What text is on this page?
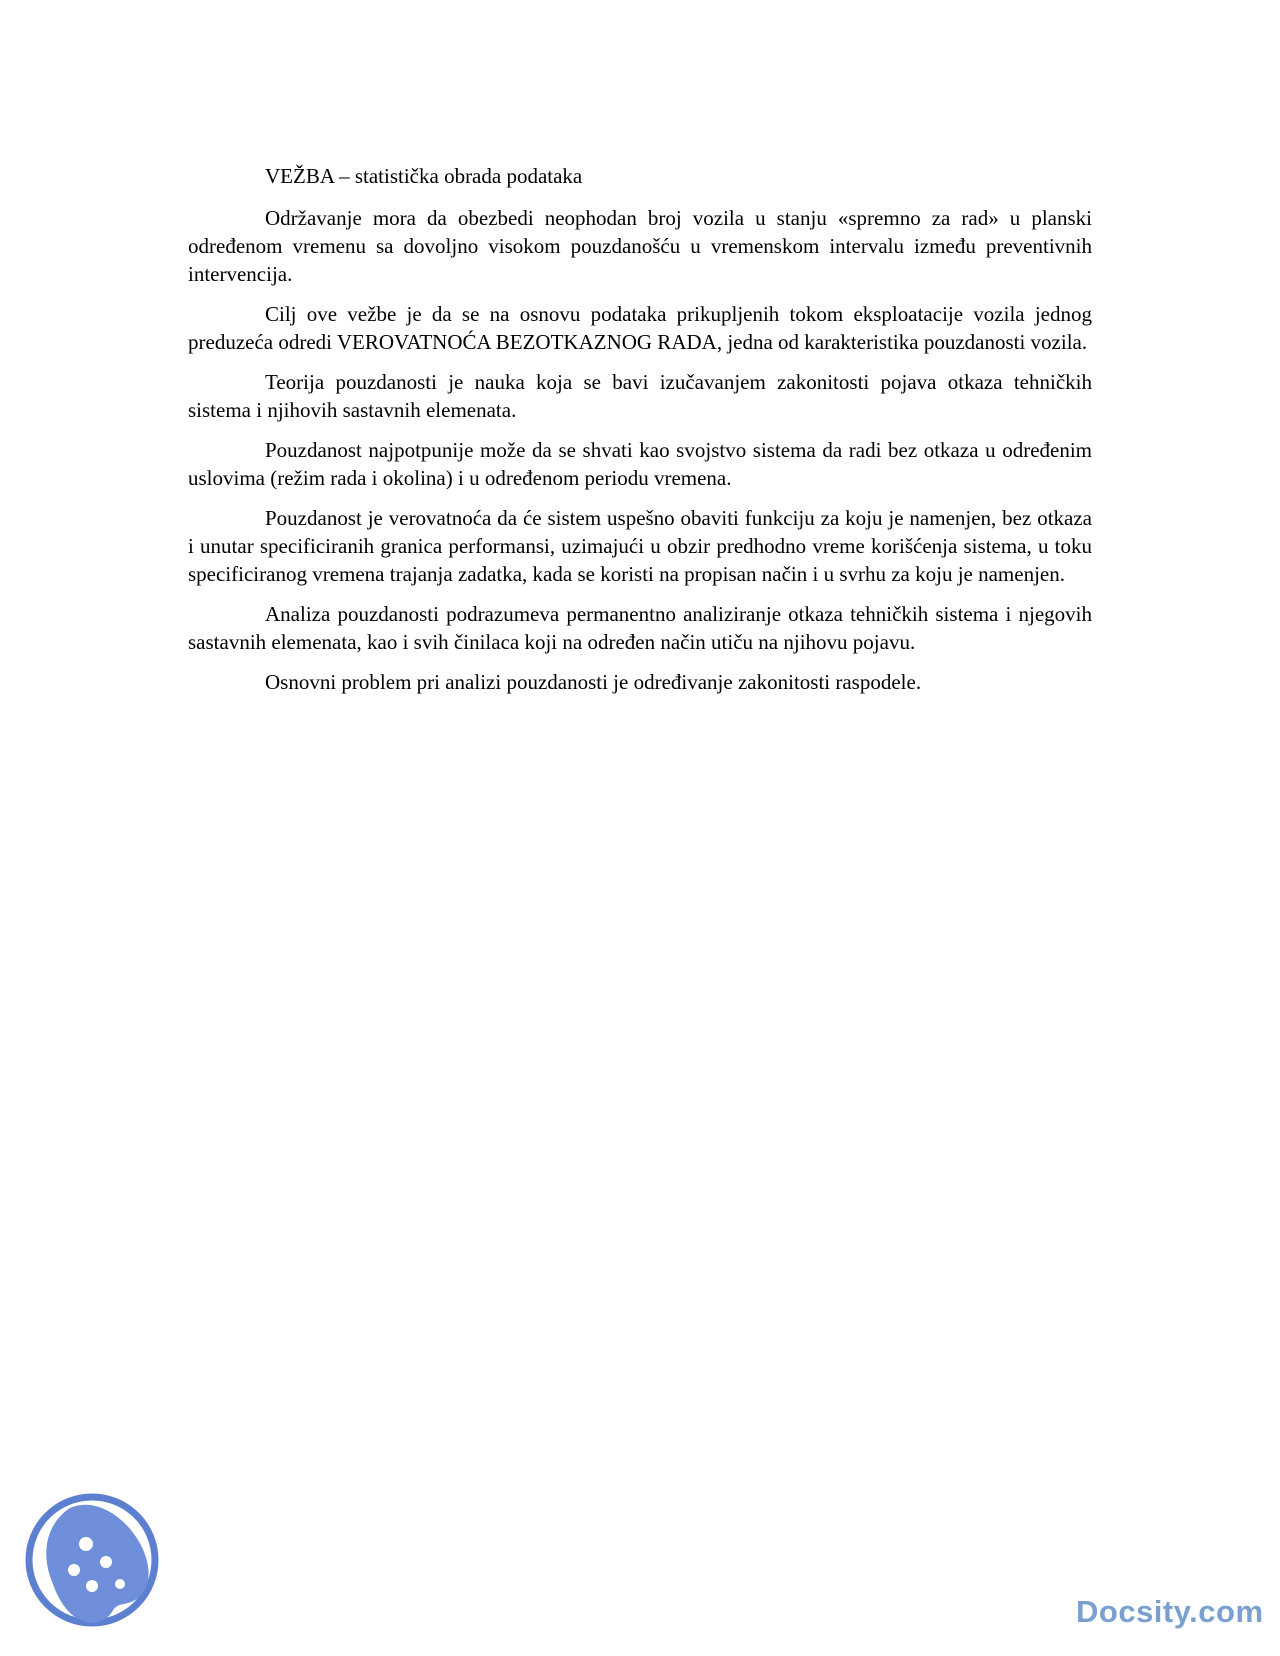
VEŽBA – statistička obrada podataka

Održavanje mora da obezbedi neophodan broj vozila u stanju «spremno za rad» u planski određenom vremenu sa dovoljno visokom pouzdanošću u vremenskom intervalu između preventivnih intervencija.

Cilj ove vežbe je da se na osnovu podataka prikupljenih tokom eksploatacije vozila jednog preduzeća odredi VEROVATNOĆA BEZOTKAZNOG RADA, jedna od karakteristika pouzdanosti vozila.

Teorija pouzdanosti je nauka koja se bavi izučavanjem zakonitosti pojava otkaza tehničkih sistema i njihovih sastavnih elemenata.

Pouzdanost najpotpunije može da se shvati kao svojstvo sistema da radi bez otkaza u određenim uslovima (režim rada i okolina) i u određenom periodu vremena.

Pouzdanost je verovatnoća da će sistem uspešno obaviti funkciju za koju je namenjen, bez otkaza i unutar specificiranih granica performansi, uzimajući u obzir predhodno vreme korišćenja sistema, u toku specificiranog vremena trajanja zadatka, kada se koristi na propisan način i u svrhu za koju je namenjen.

Analiza pouzdanosti podrazumeva permanentno analiziranje otkaza tehničkih sistema i njegovih sastavnih elemenata, kao i svih činilaca koji na određen način utiču na njihovu pojavu.

Osnovni problem pri analizi pouzdanosti je određivanje zakonitosti raspodele.

Docsity.com
